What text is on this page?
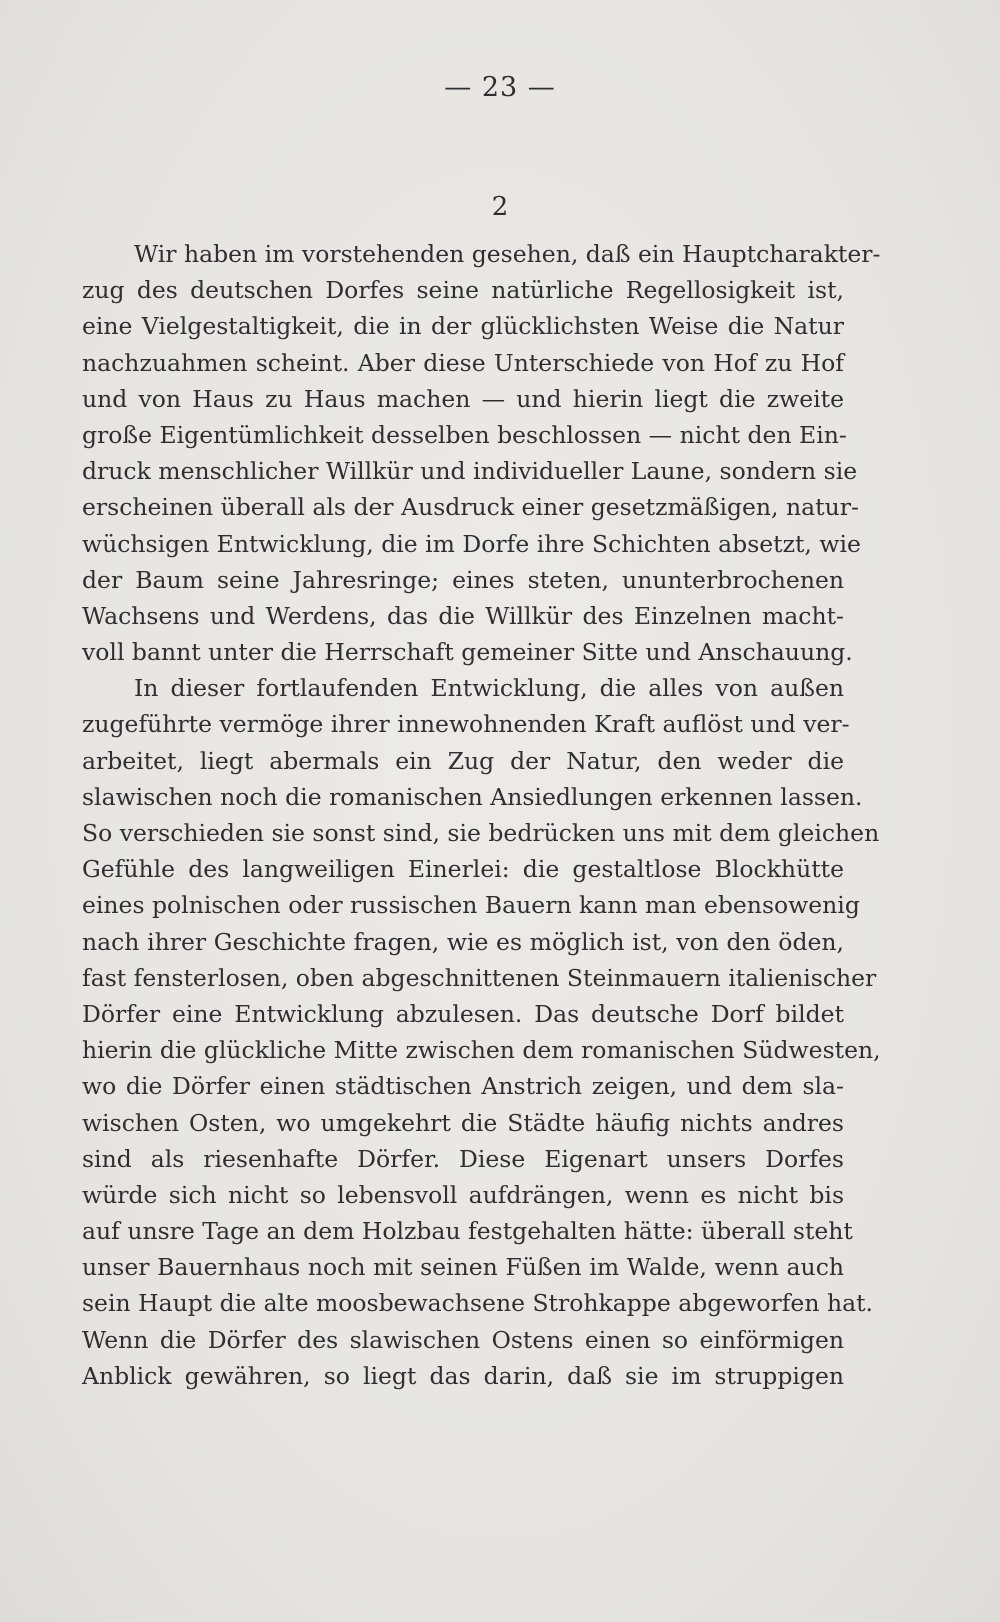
— 23 —
2
Wir haben im vorstehenden gesehen, daß ein Hauptcharakter-
zug des deutschen Dorfes seine natürliche Regellosigkeit ist,
eine Vielgestaltigkeit, die in der glücklichsten Weise die Natur
nachzuahmen scheint. Aber diese Unterschiede von Hof zu Hof
und von Haus zu Haus machen — und hierin liegt die zweite
große Eigentümlichkeit desselben beschlossen — nicht den Ein-
druck menschlicher Willkür und individueller Laune, sondern sie
erscheinen überall als der Ausdruck einer gesetzmäßigen, natur-
wüchsigen Entwicklung, die im Dorfe ihre Schichten absetzt, wie
der Baum seine Jahresringe; eines steten, ununterbrochenen
Wachsens und Werdens, das die Willkür des Einzelnen macht-
voll bannt unter die Herrschaft gemeiner Sitte und Anschauung.
In dieser fortlaufenden Entwicklung, die alles von außen
zugeführte vermöge ihrer innewohnenden Kraft auflöst und ver-
arbeitet, liegt abermals ein Zug der Natur, den weder die
slawischen noch die romanischen Ansiedlungen erkennen lassen.
So verschieden sie sonst sind, sie bedrücken uns mit dem gleichen
Gefühle des langweiligen Einerlei: die gestaltlose Blockhütte
eines polnischen oder russischen Bauern kann man ebensowenig
nach ihrer Geschichte fragen, wie es möglich ist, von den öden,
fast fensterlosen, oben abgeschnittenen Steinmauern italienischer
Dörfer eine Entwicklung abzulesen. Das deutsche Dorf bildet
hierin die glückliche Mitte zwischen dem romanischen Südwesten,
wo die Dörfer einen städtischen Anstrich zeigen, und dem sla-
wischen Osten, wo umgekehrt die Städte häufig nichts andres
sind als riesenhafte Dörfer. Diese Eigenart unsers Dorfes
würde sich nicht so lebensvoll aufdrängen, wenn es nicht bis
auf unsre Tage an dem Holzbau festgehalten hätte: überall steht
unser Bauernhaus noch mit seinen Füßen im Walde, wenn auch
sein Haupt die alte moosbewachsene Strohkappe abgeworfen hat.
Wenn die Dörfer des slawischen Ostens einen so einförmigen
Anblick gewähren, so liegt das darin, daß sie im struppigen
